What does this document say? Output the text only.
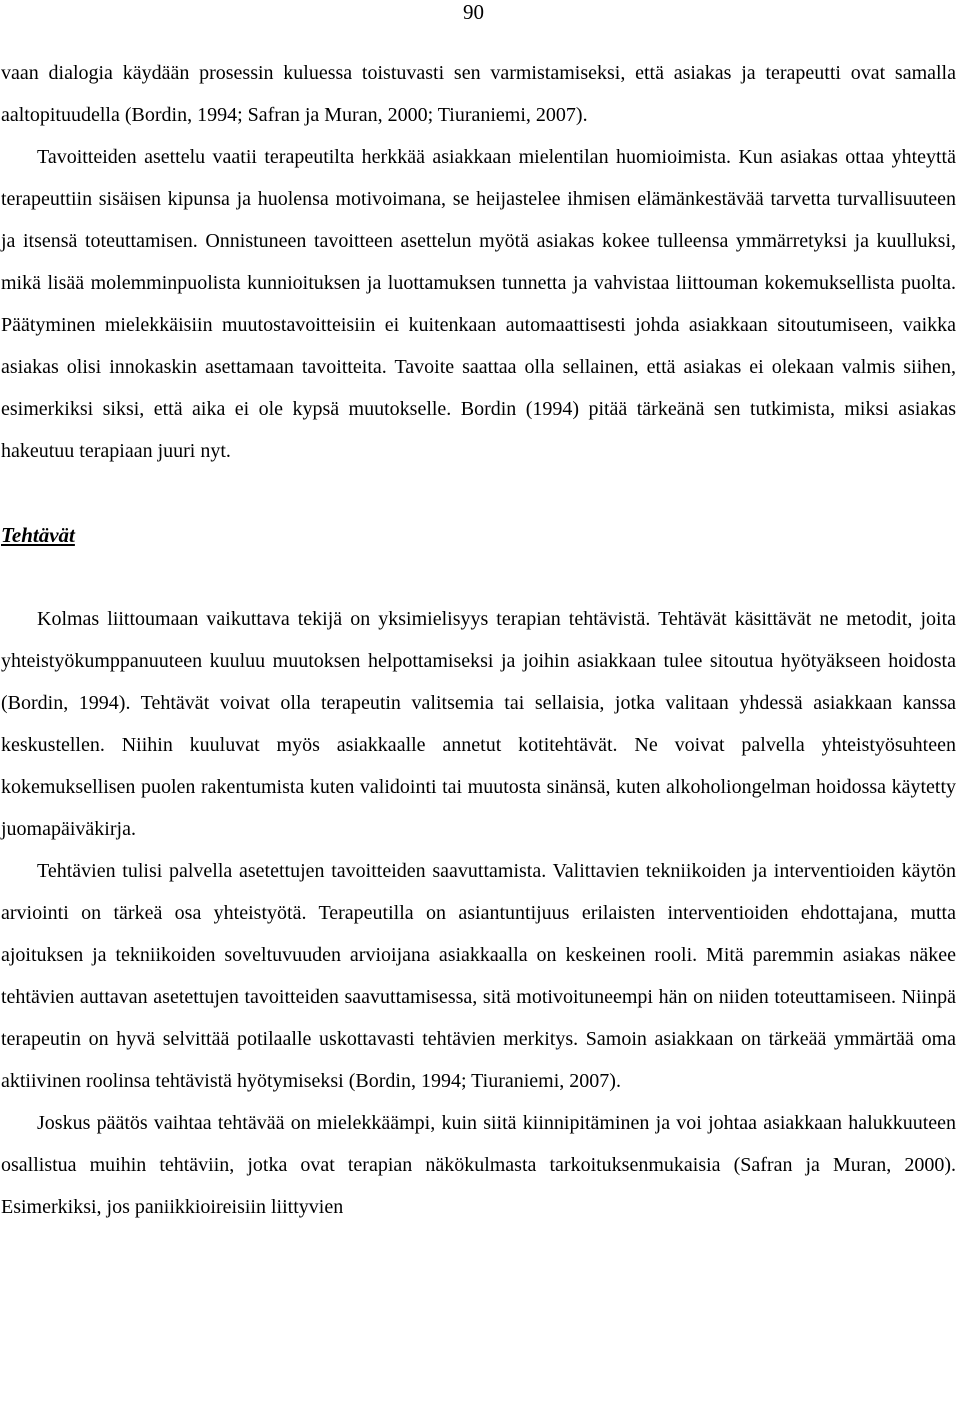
90

vaan dialogia käydään prosessin kuluessa toistuvasti sen varmistamiseksi, että asiakas ja terapeutti ovat samalla aaltopituudella (Bordin, 1994; Safran ja Muran, 2000; Tiuraniemi, 2007).

Tavoitteiden asettelu vaatii terapeutilta herkkää asiakkaan mielentilan huomioimista. Kun asiakas ottaa yhteyttä terapeuttiin sisäisen kipunsa ja huolensa motivoimana, se heijastelee ihmisen elämänkestävää tarvetta turvallisuuteen ja itsensä toteuttamisen. Onnistuneen tavoitteen asettelun myötä asiakas kokee tulleensa ymmärretyksi ja kuulluksi, mikä lisää molemminpuolista kunnioituksen ja luottamuksen tunnetta ja vahvistaa liittouman kokemuksellista puolta. Päätyminen mielekkäisiin muutostavoitteisiin ei kuitenkaan automaattisesti johda asiakkaan sitoutumiseen, vaikka asiakas olisi innokaskin asettamaan tavoitteita. Tavoite saattaa olla sellainen, että asiakas ei olekaan valmis siihen, esimerkiksi siksi, että aika ei ole kypsä muutokselle. Bordin (1994) pitää tärkeänä sen tutkimista, miksi asiakas hakeutuu terapiaan juuri nyt.

Tehtävät

Kolmas liittoumaan vaikuttava tekijä on yksimielisyys terapian tehtävistä. Tehtävät käsittävät ne metodit, joita yhteistyökumppanuuteen kuuluu muutoksen helpottamiseksi ja joihin asiakkaan tulee sitoutua hyötyäkseen hoidosta (Bordin, 1994). Tehtävät voivat olla terapeutin valitsemia tai sellaisia, jotka valitaan yhdessä asiakkaan kanssa keskustellen. Niihin kuuluvat myös asiakkaalle annetut kotitehtävät. Ne voivat palvella yhteistyösuhteen kokemuksellisen puolen rakentumista kuten validointi tai muutosta sinänsä, kuten alkoholiongelman hoidossa käytetty juomapäiväkirja.

Tehtävien tulisi palvella asetettujen tavoitteiden saavuttamista. Valittavien tekniikoiden ja interventioiden käytön arviointi on tärkeä osa yhteistyötä. Terapeutilla on asiantuntijuus erilaisten interventioiden ehdottajana, mutta ajoituksen ja tekniikoiden soveltuvuuden arvioijana asiakkaalla on keskeinen rooli. Mitä paremmin asiakas näkee tehtävien auttavan asetettujen tavoitteiden saavuttamisessa, sitä motivoituneempi hän on niiden toteuttamiseen. Niinpä terapeutin on hyvä selvittää potilaalle uskottavasti tehtävien merkitys. Samoin asiakkaan on tärkeää ymmärtää oma aktiivinen roolinsa tehtävistä hyötymiseksi (Bordin, 1994; Tiuraniemi, 2007).

Joskus päätös vaihtaa tehtävää on mielekkäämpi, kuin siitä kiinnipitäminen ja voi johtaa asiakkaan halukkuuteen osallistua muihin tehtäviin, jotka ovat terapian näkökulmasta tarkoituksenmukaisia (Safran ja Muran, 2000). Esimerkiksi, jos paniikkioireisiin liittyvien
